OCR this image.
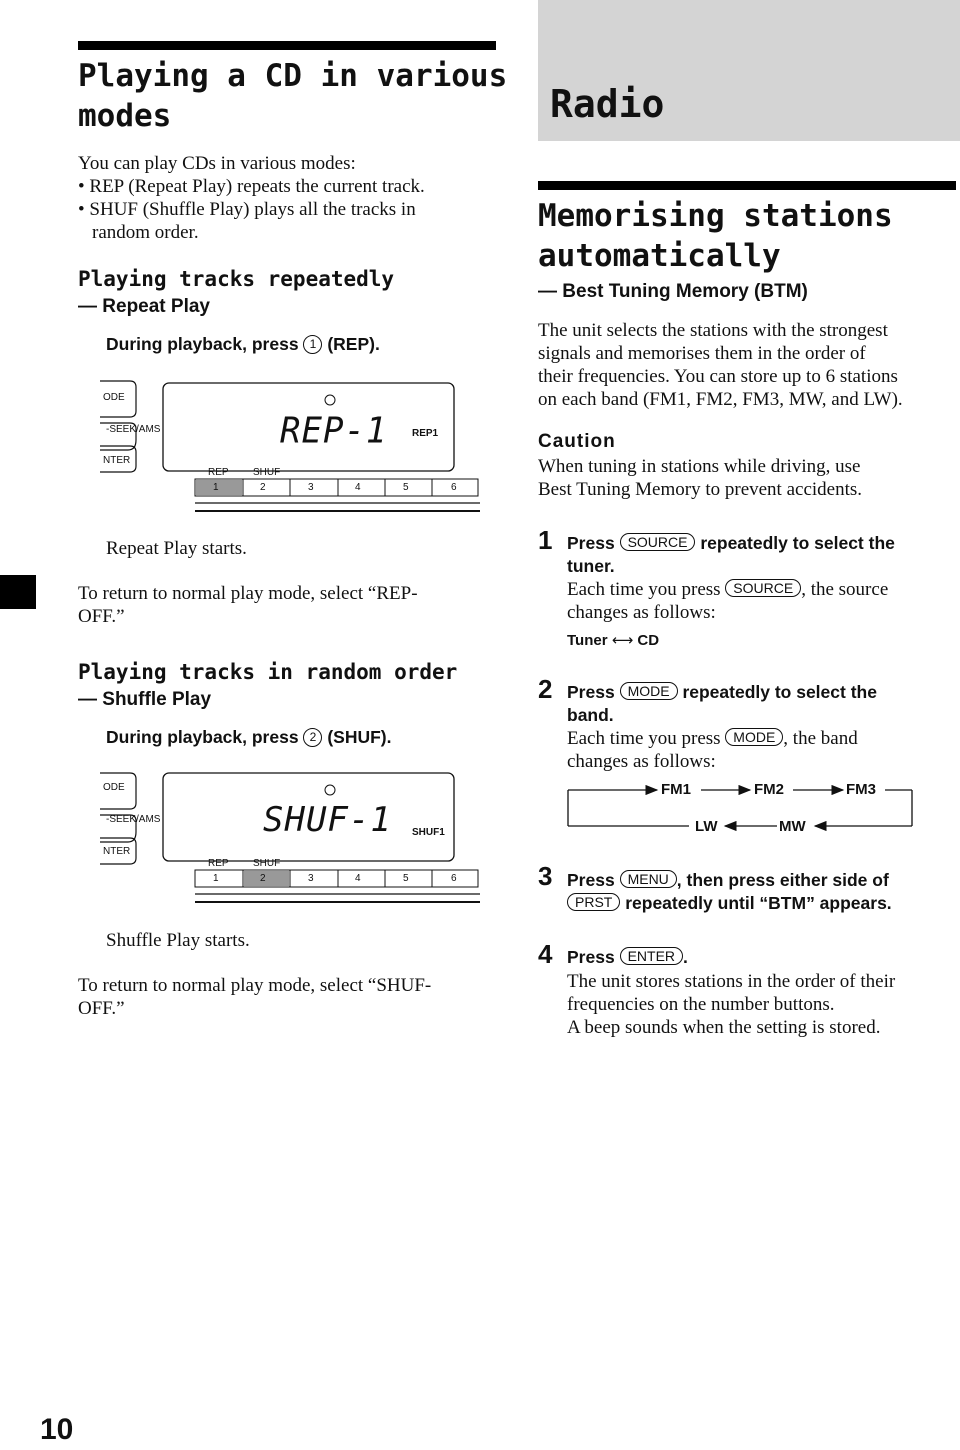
Playing a CD in various
modes
You can play CDs in various modes:
• REP (Repeat Play) repeats the current track.
• SHUF (Shuffle Play) plays all the tracks in
random order.
Playing tracks repeatedly
— Repeat Play
During playback, press 1 (REP).
ODE
-SEEK/AMS
NTER
REP-1 REP1
REP SHUF
1	2	3	4	5	6
Repeat Play starts.
To return to normal play mode, select “REP-
OFF.”
Playing tracks in random order
— Shuffle Play
During playback, press 2 (SHUF).
ODE
-SEEK/AMS
NTER
SHUF-1 SHUF1
REP SHUF
1	2	3	4	5	6
Shuffle Play starts.
To return to normal play mode, select “SHUF-
OFF.”
10
Radio
Memorising stations
automatically
— Best Tuning Memory (BTM)
The unit selects the stations with the strongest
signals and memorises them in the order of
their frequencies. You can store up to 6 stations
on each band (FM1, FM2, FM3, MW, and LW).
Caution
When tuning in stations while driving, use
Best Tuning Memory to prevent accidents.
1 Press SOURCE repeatedly to select the
tuner.
Each time you press SOURCE , the source
changes as follows:
Tuner ⟷ CD
2 Press MODE repeatedly to select the
band.
Each time you press MODE , the band
changes as follows:
FM1	FM2	FM3
MW
LW
3 Press MENU , then press either side of
PRST repeatedly until “BTM” appears.
4 Press ENTER .
The unit stores stations in the order of their
frequencies on the number buttons.
A beep sounds when the setting is stored.
